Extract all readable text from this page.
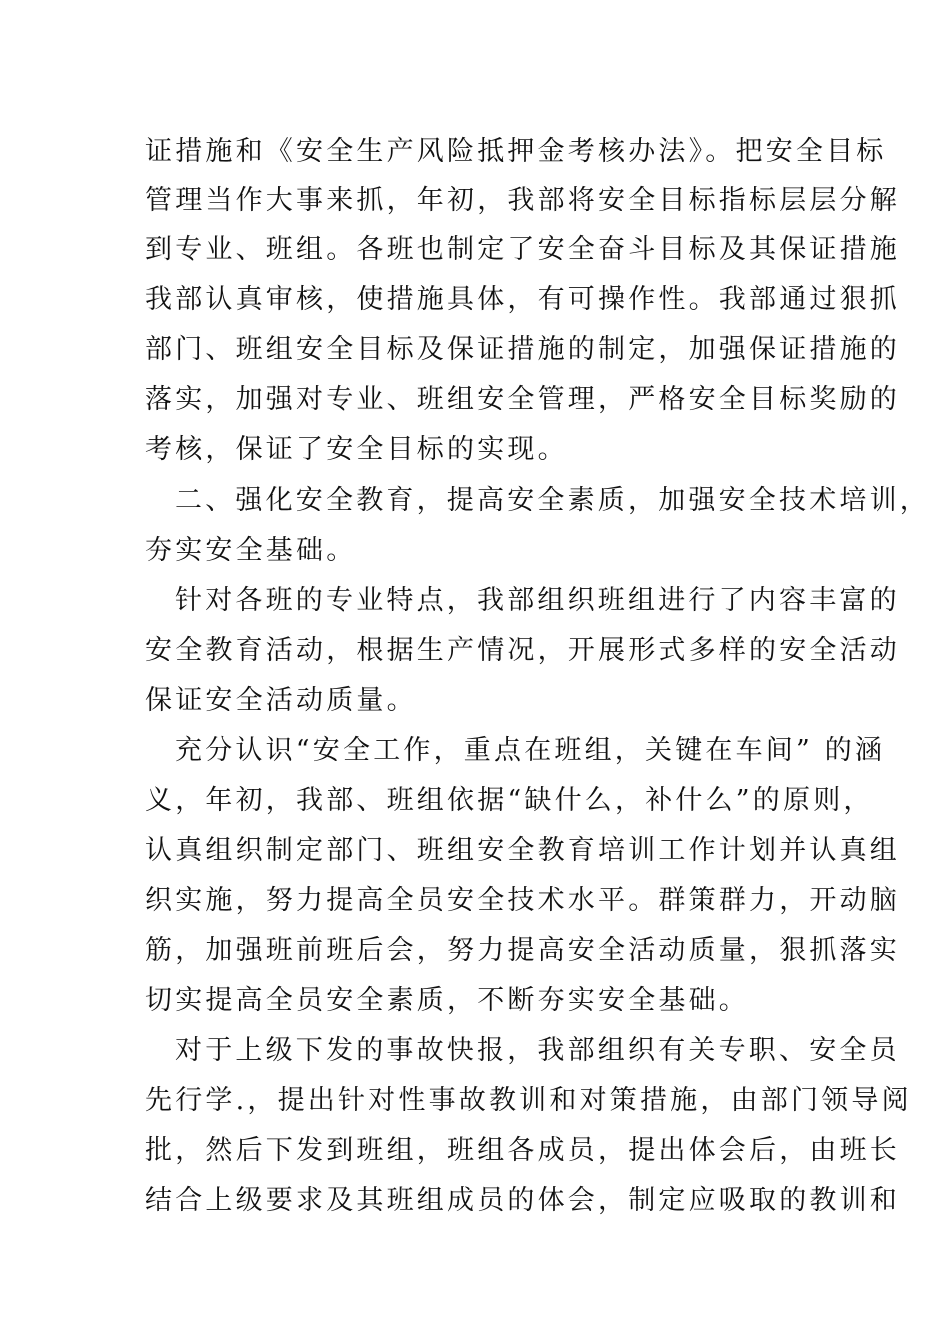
证措施和《安全生产风险抵押金考核办法》。把安全目标

管理当作大事来抓，年初，我部将安全目标指标层层分解

到专业、班组。各班也制定了安全奋斗目标及其保证措施

我部认真审核，使措施具体，有可操作性。我部通过狠抓

部门、班组安全目标及保证措施的制定，加强保证措施的

落实，加强对专业、班组安全管理，严格安全目标奖励的

考核，保证了安全目标的实现。

二、强化安全教育，提高安全素质，加强安全技术培训，

夯实安全基础。

针对各班的专业特点，我部组织班组进行了内容丰富的

安全教育活动，根据生产情况，开展形式多样的安全活动

保证安全活动质量。

充分认识“安全工作，重点在班组，关键在车间” 的涵

义，年初，我部、班组依据“缺什么，补什么”的原则，

认真组织制定部门、班组安全教育培训工作计划并认真组

织实施，努力提高全员安全技术水平。群策群力，开动脑

筋，加强班前班后会，努力提高安全活动质量，狠抓落实

切实提高全员安全素质，不断夯实安全基础。

对于上级下发的事故快报，我部组织有关专职、安全员

先行学.，提出针对性事故教训和对策措施，由部门领导阅

批，然后下发到班组，班组各成员，提出体会后，由班长

结合上级要求及其班组成员的体会，制定应吸取的教训和
